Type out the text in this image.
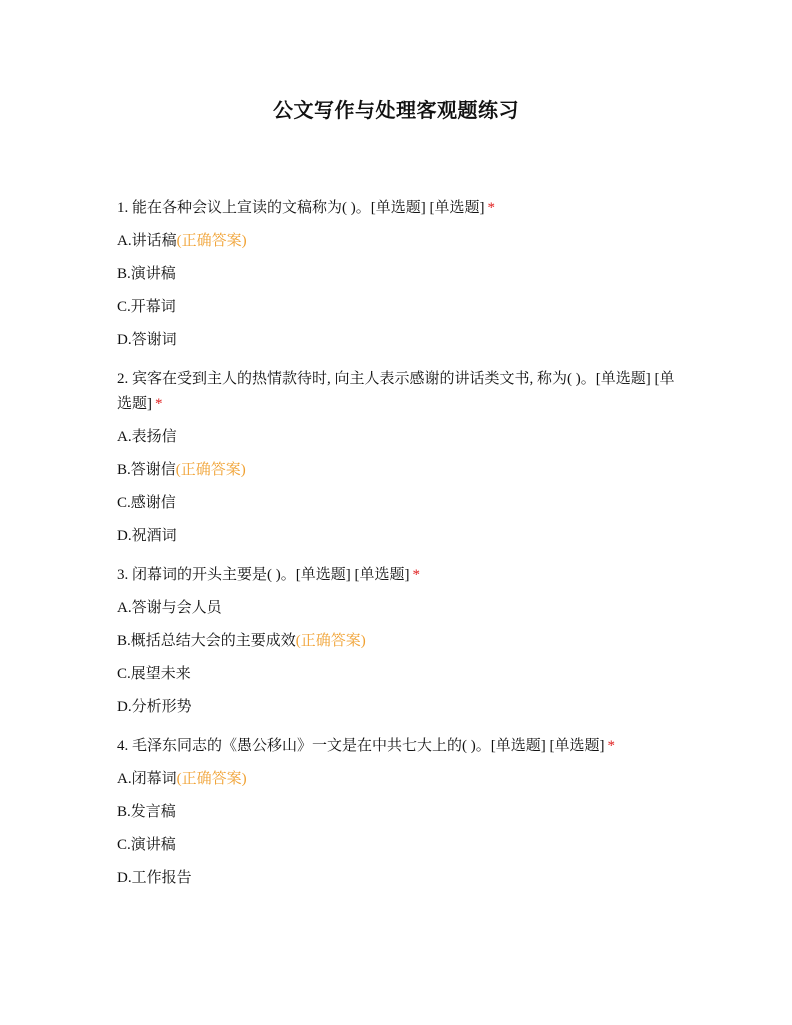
公文写作与处理客观题练习

1. 能在各种会议上宣读的文稿称为( )。[单选题] [单选题] *

A.讲话稿(正确答案)
B.演讲稿
C.开幕词
D.答谢词

2. 宾客在受到主人的热情款待时, 向主人表示感谢的讲话类文书, 称为( )。[单选题] [单选题] *

A.表扬信
B.答谢信(正确答案)
C.感谢信
D.祝酒词

3. 闭幕词的开头主要是( )。[单选题] [单选题] *

A.答谢与会人员
B.概括总结大会的主要成效(正确答案)
C.展望未来
D.分析形势

4. 毛泽东同志的《愚公移山》一文是在中共七大上的( )。[单选题] [单选题] *

A.闭幕词(正确答案)
B.发言稿
C.演讲稿
D.工作报告
